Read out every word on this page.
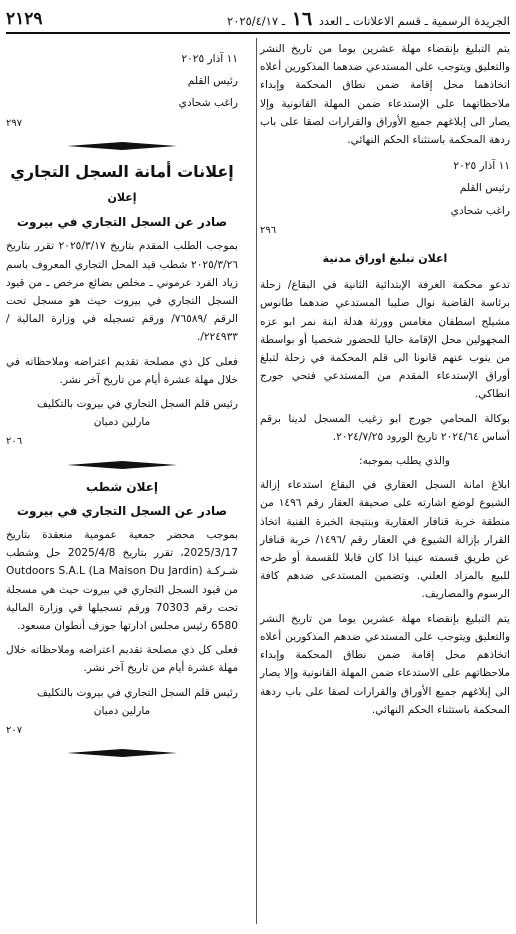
الجريدة الرسمية ـ قسم الاعلانات ـ العدد ١٦ ـ ٢٠٢٥/٤/١٧
٢١٢٩

يتم التبليغ بإنقضاء مهلة عشرين يوما من تاريخ النشر والتعليق ويتوجب على المستدعي ضدهما المذكورين أعلاه اتخاذهما محل إقامة ضمن نطاق المحكمة وإبداء ملاحظاتهما على الإستدعاء ضمن المهلة القانونية وإلا يصار الى إبلاغهم جميع الأوراق والقرارات لصقا على باب ردهة المحكمة باستثناء الحكم النهائي.

١١ آذار ٢٠٢٥
رئيس القلم
راغب شحادي
٢٩٦
اعلان تبليغ اوراق مدنية

تدعو محكمة الغرفة الإبتدائية الثانية في البقاع/ زحلة برئاسة القاضية نوال صليبا المستدعي ضدهما طانوس مشيلح اسطفان مغامس وورثة هدلة ابنة نمر ابو عزه المجهولين محل الإقامة حاليا للحضور شخصيا أو بواسطة من ينوب عنهم قانونا الى قلم المحكمة في زحلة لتبلغ أوراق الإستدعاء المقدم من المستدعي فتحي جورج انطاكي.

بوكالة المحامي جورج ابو زغيب المسجل لدينا برقم أساس ٢٠٢٤/٦٤ تاريخ الورود ٢٠٢٤/٧/٢٥.

والذي يطلب بموجبه:

ابلاغ امانة السجل العقاري في البقاع استدعاء إزالة الشيوع لوضع اشارته على صحيفة العقار رقم ١٤٩٦ من منطقة خربة قنافار العقارية وبنتيجة الخبرة الفنية اتخاذ القرار بإزالة الشيوع في العقار رقم /١٤٩٦/ خربة قنافار عن طريق قسمته عينيا اذا كان قابلا للقسمة أو طرحه للبيع بالمزاد العلني. وتضمين المستدعى ضدهم كافة الرسوم والمصاريف.

يتم التبليغ بإنقضاء مهلة عشرين يوما من تاريخ النشر والتعليق ويتوجب على المستدعي ضدهم المذكورين أعلاه اتخاذهم محل إقامة ضمن نطاق المحكمة وإبداء ملاحظاتهم على الاستدعاء ضمن المهلة القانونية وإلا يصار الى إبلاغهم جميع الأوراق والقرارات لصقا على باب ردهة المحكمة باستثناء الحكم النهائي.

١١ آذار ٢٠٢٥
رئيس القلم
راغب شحادي
٢٩٧
إعلانات أمانة السجل التجاري
إعلان
صادر عن السجل التجاري في بيروت

بموجب الطلب المقدم بتاريخ ٢٠٢٥/٣/١٧ تقرر بتاريخ ٢٠٢٥/٣/٢٦ شطب قيد المحل التجاري المعروف باسم زياد الفرد عرموني ـ مخلص بضائع مرخص ـ من قيود السجل التجاري في بيروت حيث هو مسجل تحت الرقم /٧٦٥٨٩/ ورقم تسجيله في وزارة المالية /٢٢٤٩٣٣/.

فعلى كل ذي مصلحة تقديم اعتراضه وملاحظاته في خلال مهلة عشرة أيام من تاريخ آخر نشر.

رئيس قلم السجل التجاري في بيروت بالتكليف
مارلين دميان
٢٠٦
إعلان شطب
صادر عن السجل التجاري في بيروت

بموجب محضر جمعية عمومية منعقدة بتاريخ 2025/3/17، تقرر بتاريخ 2025/4/8 حل وشطب شـركـة Outdoors S.A.L (La Maison Du Jardin) من قيود السجل التجاري في بيروت حيث هي مسجلة تحت رقم 70303 ورقم تسجيلها في وزارة المالية 6580 رئيس مجلس ادارتها جوزف أنطوان مسعود.

فعلى كل ذي مصلحة تقديم اعتراضه وملاحظاته خلال مهلة عشرة أيام من تاريخ آخر نشر.

رئيس قلم السجل التجاري في بيروت بالتكليف
مارلين دميان
٢٠٧
